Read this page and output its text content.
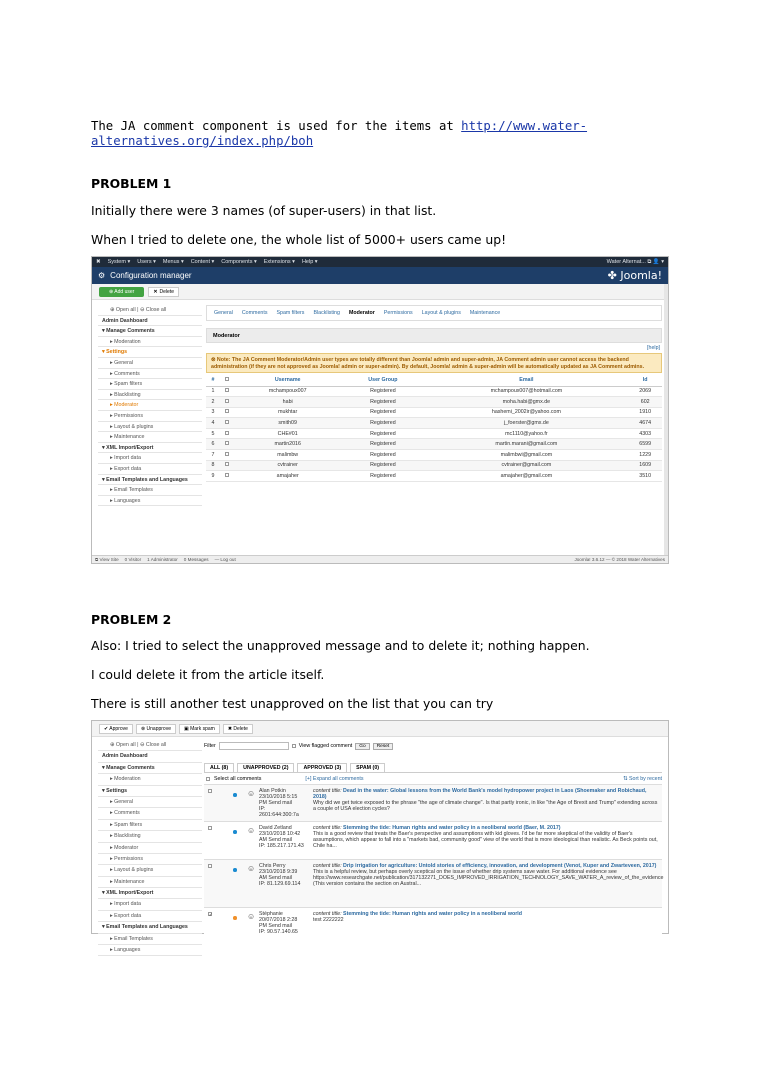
The JA comment component is used for the items at http://www.water-alternatives.org/index.php/boh
PROBLEM 1
Initially there were 3 names (of super-users) in that list.
When I tried to delete one, the whole list of 5000+ users came up!
✖ System ▾ Users ▾ Menus ▾ Content ▾ Components ▾ Extensions ▾ Help ▾	Water Alternat... ⧉ 👤 ▾
⚙ Configuration manager	✤ Joomla!
⊕ Add user	✕ Delete
⊕ Open all | ⊖ Close all
Admin Dashboard
▾ Manage Comments
▸ Moderation
▾ Settings
▸ General
▸ Comments
▸ Spam filters
▸ Blacklisting
▸ Moderator
▸ Permissions
▸ Layout & plugins
▸ Maintenance
▾ XML Import/Export
▸ Import data
▸ Export data
▾ Email Templates and Languages
▸ Email Templates
▸ Languages
General Comments Spam filters Blacklisting Moderator Permissions Layout & plugins Maintenance
Moderator
[help]
⊗ Note: The JA Comment Moderator/Admin user types are totally different than Joomla! admin and super-admin, JA Comment admin user cannot access the backend administration (if they are not approved as Joomla! admin or super-admin). By default, Joomla! admin & super-admin will be automatically updated as JA Comment admins.
#		Username	User Group	Email	Id
1		mchampoux007	Registered	mchampoux007@hotmail.com	2069
2		habi	Registered	moha.habi@gmx.de	602
3		mukhtar	Registered	hashemi_2002ir@yahoo.com	1910
4		smith09	Registered	j_foerster@gmx.de	4674
5		CHE#01	Registered	mc1110@yahoo.fr	4303
6		martin2016	Registered	martin.marani@gmail.com	6599
7		malimbw	Registered	malimbwi@gmail.com	1229
8		cvtrainer	Registered	cvtrainer@gmail.com	1609
9		amajaher	Registered	amajaher@gmail.com	3510
⧉ View Site 0 Visitor 1 Administrator 0 Messages — Log out	Joomla! 3.6.12 — © 2018 Water Alternatives
PROBLEM 2
Also: I tried to select the unapproved message and to delete it; nothing happen.
I could delete it from the article itself.
There is still another test unapproved on the list that you can try
✔ Approve	⊗ Unapprove	▣ Mark spam	✖ Delete
⊕ Open all | ⊖ Close all
Admin Dashboard
▾ Manage Comments
▸ Moderation
▾ Settings
▸ General
▸ Comments
▸ Spam filters
▸ Blacklisting
▸ Moderator
▸ Permissions
▸ Layout & plugins
▸ Maintenance
▾ XML Import/Export
▸ Import data
▸ Export data
▾ Email Templates and Languages
▸ Email Templates
▸ Languages
Filter	View flagged comment	Go	Reset
ALL (8)	UNAPPROVED (2)	APPROVED (3)	SPAM (0)
Select all comments	[+] Expand all comments	⇅ Sort by recent
☺ Alan Potkin
23/10/2018 5:15
PM Send mail
IP:
2601:644:300:7a
content title: Dead in the water: Global lessons from the World Bank's model hydropower project in Laos (Shoemaker and Robichaud, 2018)
Why did we get twice exposed to the phrase "the age of climate change". Is that partly ironic, in like "the Age of Brexit and Trump" extending across a couple of USA election cycles?
☺ David Zetland
23/10/2018 10:42
AM Send mail
IP: 185.217.171.43
content title: Stemming the tide: Human rights and water policy in a neoliberal world (Baer, M. 2017)
This is a good review that treats the Baer's perspective and assumptions with kid gloves. I'd be far more skeptical of the validity of Baer's assumptions, which appear to fall into a "markets bad, community good" view of the world that is more ideological than realistic. As Beck points out, Chile ha...
☺ Chris Perry
23/10/2018 9:39
AM Send mail
IP: 81.129.69.114
content title: Drip irrigation for agriculture: Untold stories of efficiency, innovation, and development (Venot, Kuper and Zwarteveen, 2017)
This is a helpful review, but perhaps overly sceptical on the issue of whether drip systems save water. For additional evidence see https://www.researchgate.net/publication/317132271_DOES_IMPROVED_IRRIGATION_TECHNOLOGY_SAVE_WATER_A_review_of_the_evidence (This version contains the section on Austral...
✓	☺ Stéphanie
20/07/2018 2:28
PM Send mail
IP: 90.57.140.65
content title: Stemming the tide: Human rights and water policy in a neoliberal world
test 2222222
